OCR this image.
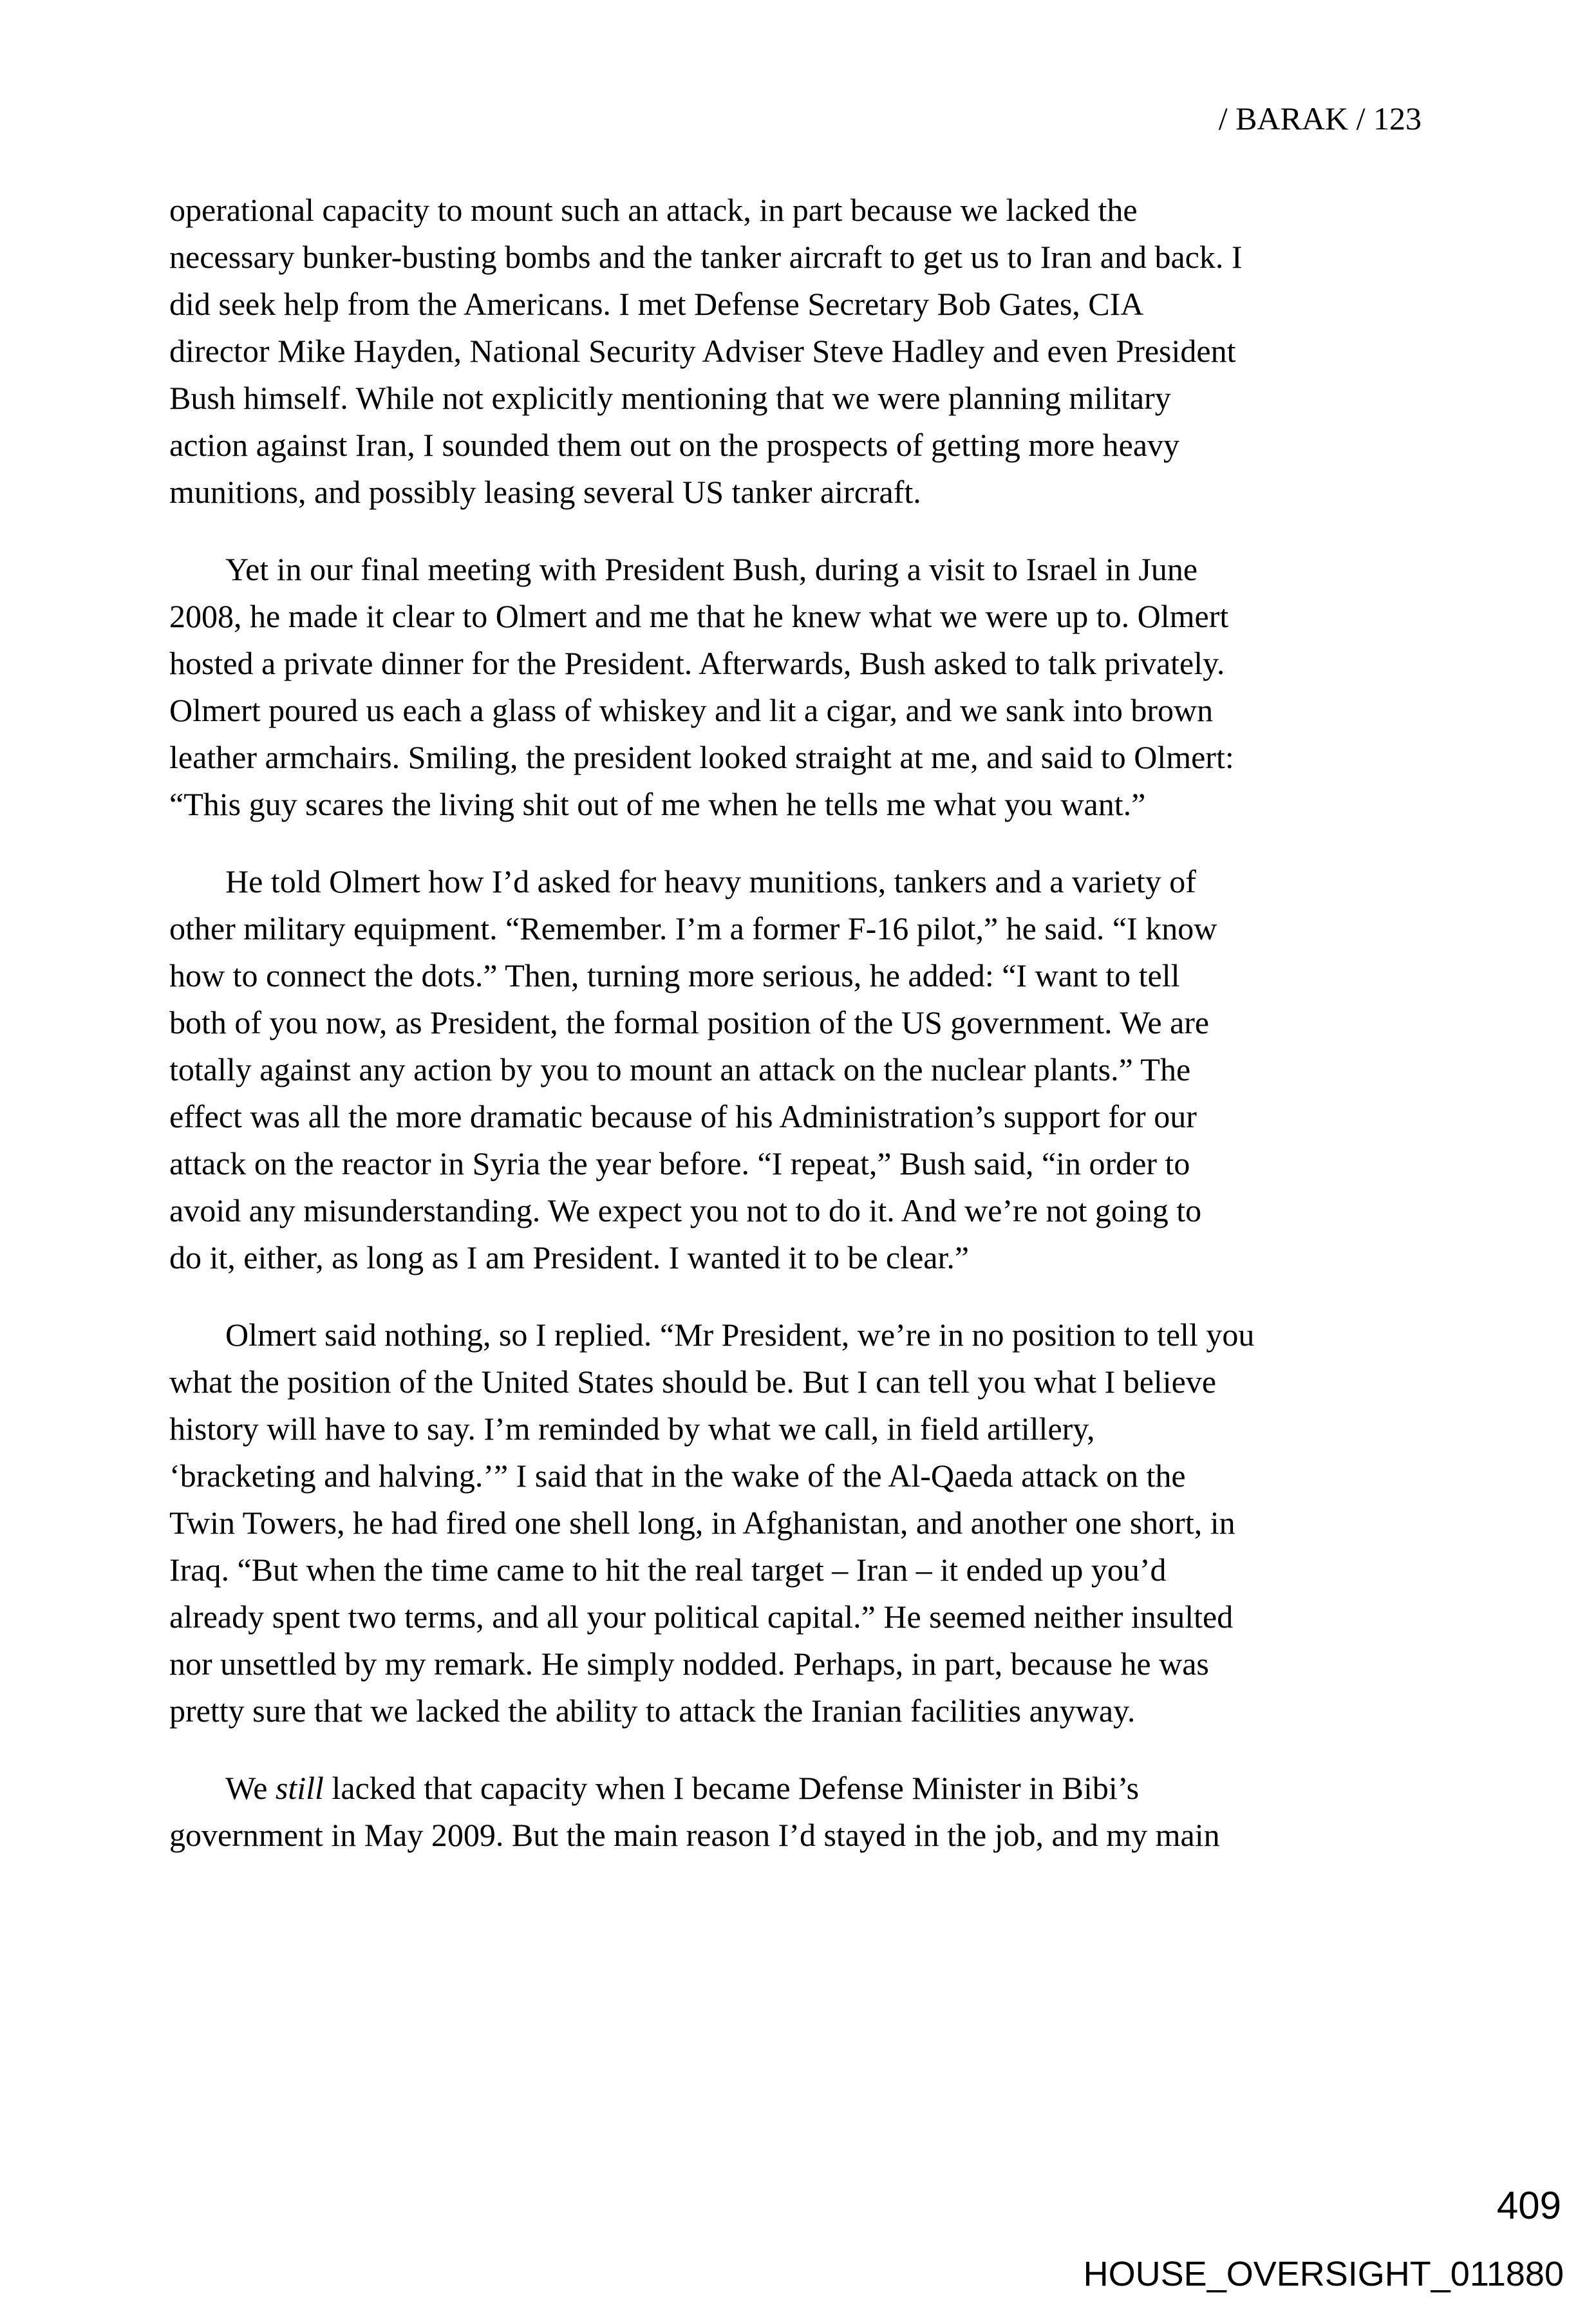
/ BARAK / 123
operational capacity to mount such an attack, in part because we lacked the
necessary bunker-busting bombs and the tanker aircraft to get us to Iran and back. I
did seek help from the Americans. I met Defense Secretary Bob Gates, CIA
director Mike Hayden, National Security Adviser Steve Hadley and even President
Bush himself. While not explicitly mentioning that we were planning military
action against Iran, I sounded them out on the prospects of getting more heavy
munitions, and possibly leasing several US tanker aircraft.
Yet in our final meeting with President Bush, during a visit to Israel in June
2008, he made it clear to Olmert and me that he knew what we were up to. Olmert
hosted a private dinner for the President. Afterwards, Bush asked to talk privately.
Olmert poured us each a glass of whiskey and lit a cigar, and we sank into brown
leather armchairs. Smiling, the president looked straight at me, and said to Olmert:
“This guy scares the living shit out of me when he tells me what you want.”
He told Olmert how I’d asked for heavy munitions, tankers and a variety of
other military equipment. “Remember. I’m a former F-16 pilot,” he said. “I know
how to connect the dots.” Then, turning more serious, he added: “I want to tell
both of you now, as President, the formal position of the US government. We are
totally against any action by you to mount an attack on the nuclear plants.” The
effect was all the more dramatic because of his Administration’s support for our
attack on the reactor in Syria the year before. “I repeat,” Bush said, “in order to
avoid any misunderstanding. We expect you not to do it. And we’re not going to
do it, either, as long as I am President. I wanted it to be clear.”
Olmert said nothing, so I replied. “Mr President, we’re in no position to tell you
what the position of the United States should be. But I can tell you what I believe
history will have to say. I’m reminded by what we call, in field artillery,
‘bracketing and halving.’” I said that in the wake of the Al-Qaeda attack on the
Twin Towers, he had fired one shell long, in Afghanistan, and another one short, in
Iraq. “But when the time came to hit the real target – Iran – it ended up you’d
already spent two terms, and all your political capital.” He seemed neither insulted
nor unsettled by my remark. He simply nodded. Perhaps, in part, because he was
pretty sure that we lacked the ability to attack the Iranian facilities anyway.
We still lacked that capacity when I became Defense Minister in Bibi’s
government in May 2009. But the main reason I’d stayed in the job, and my main
409
HOUSE_OVERSIGHT_011880
